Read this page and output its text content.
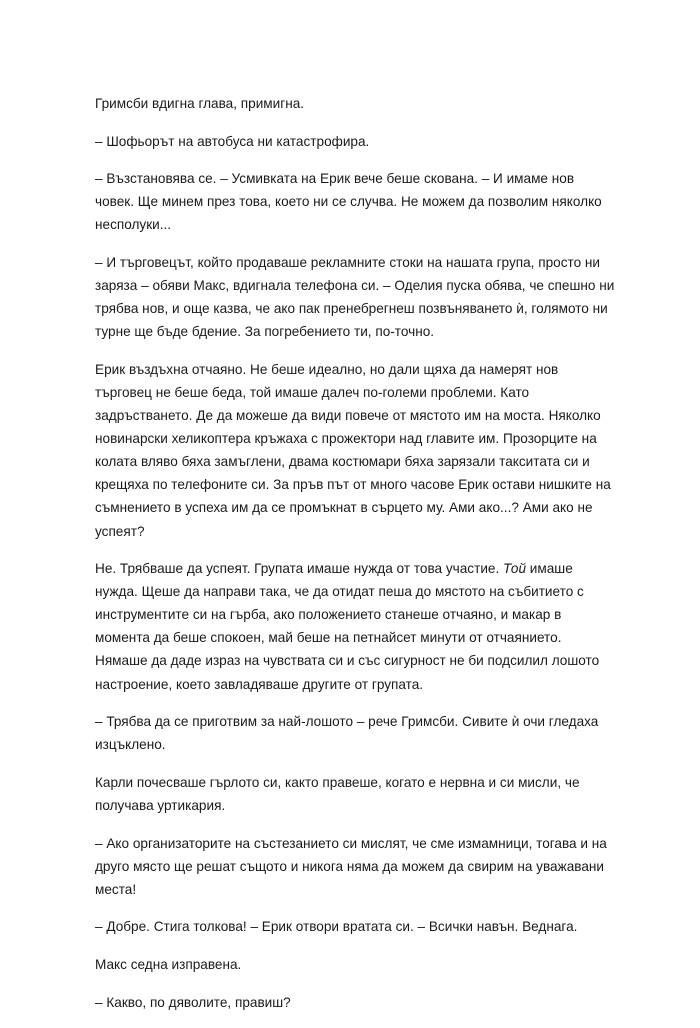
Гримсби вдигна глава, примигна.

– Шофьорът на автобуса ни катастрофира.

– Възстановява се. – Усмивката на Ерик вече беше скована. – И имаме нов човек. Ще минем през това, което ни се случва. Не можем да позволим няколко несполуки...

– И търговецът, който продаваше рекламните стоки на нашата група, просто ни заряза – обяви Макс, вдигнала телефона си. – Оделия пуска обява, че спешно ни трябва нов, и още казва, че ако пак пренебрегнеш позвъняването ѝ, голямото ни турне ще бъде бдение. За погребението ти, по-точно.

Ерик въздъхна отчаяно. Не беше идеално, но дали щяха да намерят нов търговец не беше беда, той имаше далеч по-големи проблеми. Като задръстването. Де да можеше да види повече от мястото им на моста. Няколко новинарски хеликоптера кръжаха с прожектори над главите им. Прозорците на колата вляво бяха замъглени, двама костюмари бяха зарязали такситата си и крещяха по телефоните си. За пръв път от много часове Ерик остави нишките на съмнението в успеха им да се промъкнат в сърцето му. Ами ако...? Ами ако не успеят?

Не. Трябваше да успеят. Групата имаше нужда от това участие. Той имаше нужда. Щеше да направи така, че да отидат пеша до мястото на събитието с инструментите си на гърба, ако положението станеше отчаяно, и макар в момента да беше спокоен, май беше на петнайсет минути от отчаянието. Нямаше да даде израз на чувствата си и със сигурност не би подсилил лошото настроение, което завладяваше другите от групата.

– Трябва да се приготвим за най-лошото – рече Гримсби. Сивите ѝ очи гледаха изцъклено.

Карли почесваше гърлото си, както правеше, когато е нервна и си мисли, че получава уртикария.

– Ако организаторите на състезанието си мислят, че сме измамници, тогава и на друго място ще решат същото и никога няма да можем да свирим на уважавани места!

– Добре. Стига толкова! – Ерик отвори вратата си. – Всички навън. Веднага.

Макс седна изправена.

– Какво, по дяволите, правиш?
